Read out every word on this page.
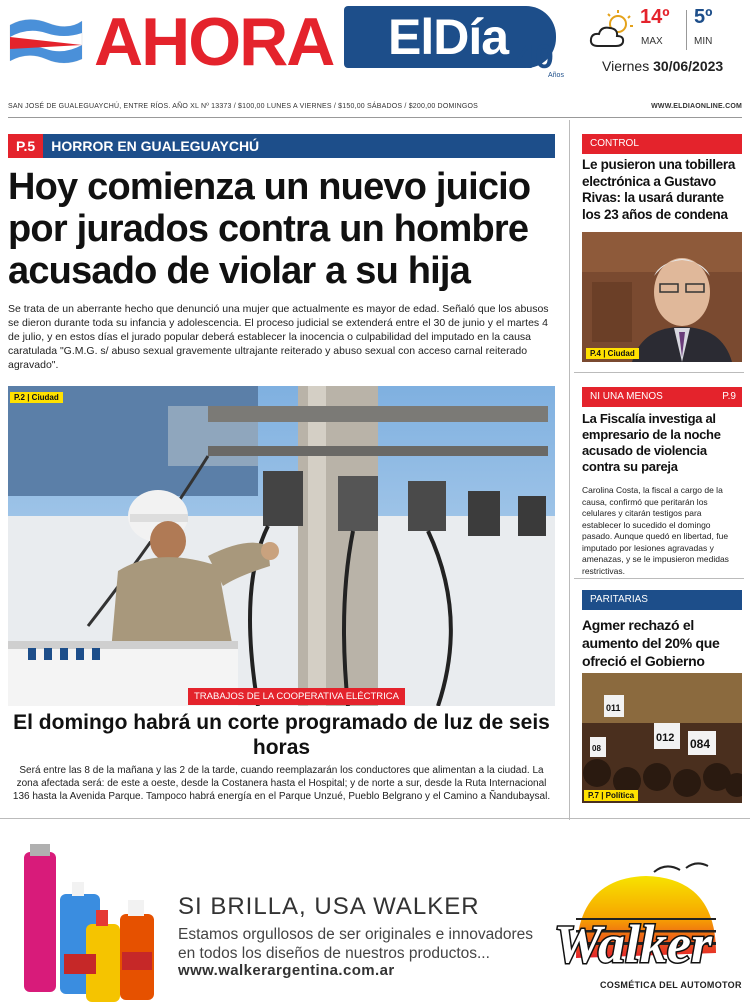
AHORA ElDía 40
Años
14º
MAX
5º
MIN
Viernes 30/06/2023
SAN JOSÉ DE GUALEGUAYCHÚ, ENTRE RÍOS. AÑO XL Nº 13373 / $100,00 LUNES A VIERNES / $150,00 SÁBADOS / $200,00 DOMINGOS	WWW.ELDIAONLINE.COM
P.5 HORROR EN GUALEGUAYCHÚ
Hoy comienza un nuevo juicio por jurados contra un hombre acusado de violar a su hija

Se trata de un aberrante hecho que denunció una mujer que actualmente es mayor de edad. Señaló que los abusos se dieron durante toda su infancia y adolescencia. El proceso judicial se extenderá entre el 30 de junio y el martes 4 de julio, y en estos días el jurado popular deberá establecer la inocencia o culpabilidad del imputado en la causa caratulada "G.M.G. s/ abuso sexual gravemente ultrajante reiterado y abuso sexual con acceso carnal reiterado agravado".

P.2 | Ciudad
TRABAJOS DE LA COOPERATIVA ELÉCTRICA
El domingo habrá un corte programado de luz de seis horas

Será entre las 8 de la mañana y las 2 de la tarde, cuando reemplazarán los conductores que alimentan a la ciudad. La zona afectada será: de este a oeste, desde la Costanera hasta el Hospital; y de norte a sur, desde la Ruta Internacional 136 hasta la Avenida Parque. Tampoco habrá energía en el Parque Unzué, Pueblo Belgrano y el Camino a Ñandubaysal.

CONTROL
Le pusieron una tobillera electrónica a Gustavo Rivas: la usará durante los 23 años de condena
P.4 | Ciudad
NI UNA MENOS	P.9
La Fiscalía investiga al empresario de la noche acusado de violencia contra su pareja

Carolina Costa, la fiscal a cargo de la causa, confirmó que peritarán los celulares y citarán testigos para establecer lo sucedido el domingo pasado. Aunque quedó en libertad, fue imputado por lesiones agravadas y amenazas, y se le impusieron medidas restrictivas.

PARITARIAS
Agmer rechazó el aumento del 20% que ofreció el Gobierno
011
012 084
08
P.7 | Política
SI BRILLA, USA WALKER

Estamos orgullosos de ser originales e innovadores en todos los diseños de nuestros productos...

www.walkerargentina.com.ar	Walker
COSMÉTICA DEL AUTOMOTOR
